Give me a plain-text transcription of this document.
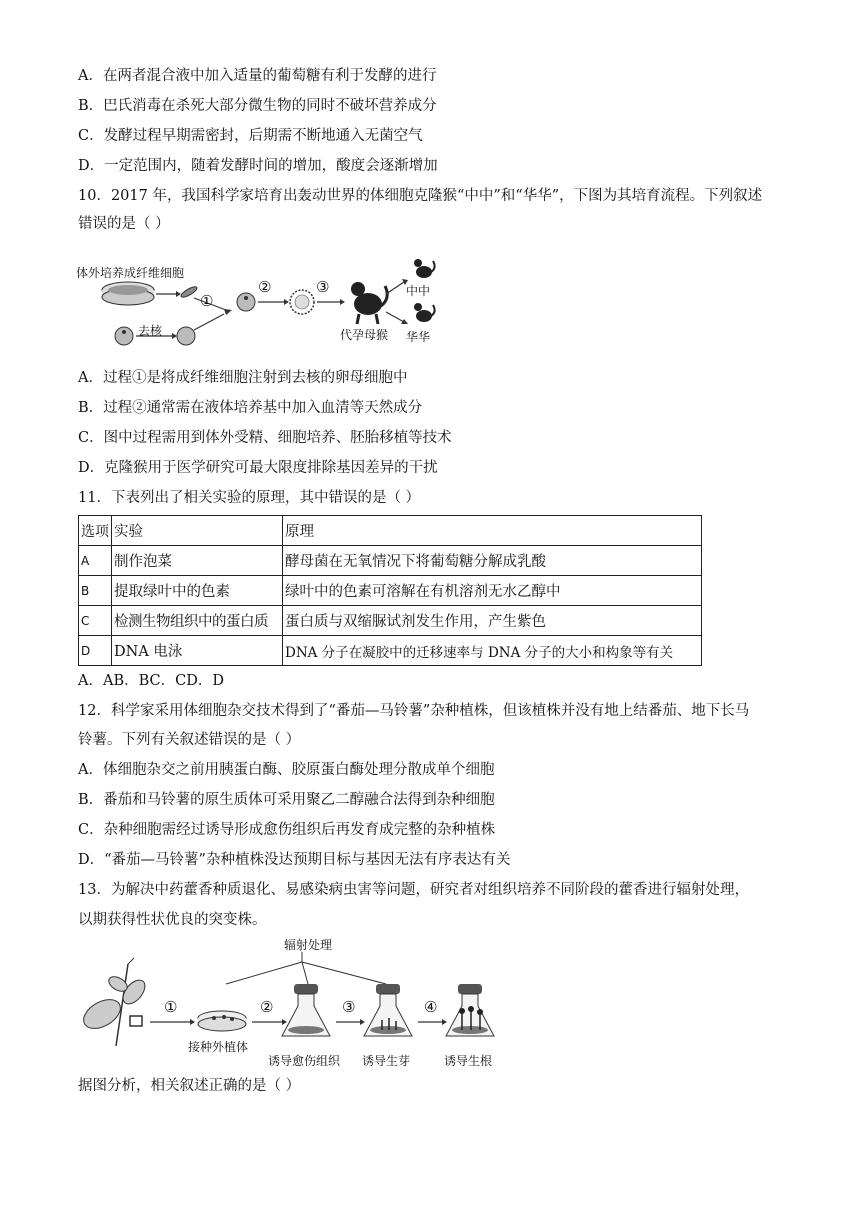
A．在两者混合液中加入适量的葡萄糖有利于发酵的进行
B．巴氏消毒在杀死大部分微生物的同时不破坏营养成分
C．发酵过程早期需密封，后期需不断地通入无菌空气
D．一定范围内，随着发酵时间的增加，酸度会逐渐增加
10．2017 年，我国科学家培育出轰动世界的体细胞克隆猴“中中”和“华华”，下图为其培育流程。下列叙述
错误的是（ ）
体外培养成纤维细胞
去核
①
②	③
代孕母猴
中中
华华
A．过程①是将成纤维细胞注射到去核的卵母细胞中
B．过程②通常需在液体培养基中加入血清等天然成分
C．图中过程需用到体外受精、细胞培养、胚胎移植等技术
D．克隆猴用于医学研究可最大限度排除基因差异的干扰
11．下表列出了相关实验的原理，其中错误的是（ ）
选项	实验	原理
A	制作泡菜	酵母菌在无氧情况下将葡萄糖分解成乳酸
B	提取绿叶中的色素	绿叶中的色素可溶解在有机溶剂无水乙醇中
C	检测生物组织中的蛋白质	蛋白质与双缩脲试剂发生作用，产生紫色
D	DNA 电泳	DNA 分子在凝胶中的迁移速率与 DNA 分子的大小和构象等有关
A．AB．BC．CD．D
12．科学家采用体细胞杂交技术得到了“番茄—马铃薯”杂种植株，但该植株并没有地上结番茄、地下长马
铃薯。下列有关叙述错误的是（ ）
A．体细胞杂交之前用胰蛋白酶、胶原蛋白酶处理分散成单个细胞
B．番茄和马铃薯的原生质体可采用聚乙二醇融合法得到杂种细胞
C．杂种细胞需经过诱导形成愈伤组织后再发育成完整的杂种植株
D．“番茄—马铃薯”杂种植株没达预期目标与基因无法有序表达有关
13．为解决中药藿香种质退化、易感染病虫害等问题，研究者对组织培养不同阶段的藿香进行辐射处理，
以期获得性状优良的突变株。
辐射处理
①	②	③	④
接种外植体
诱导愈伤组织 诱导生芽	诱导生根
据图分析，相关叙述正确的是（ ）
